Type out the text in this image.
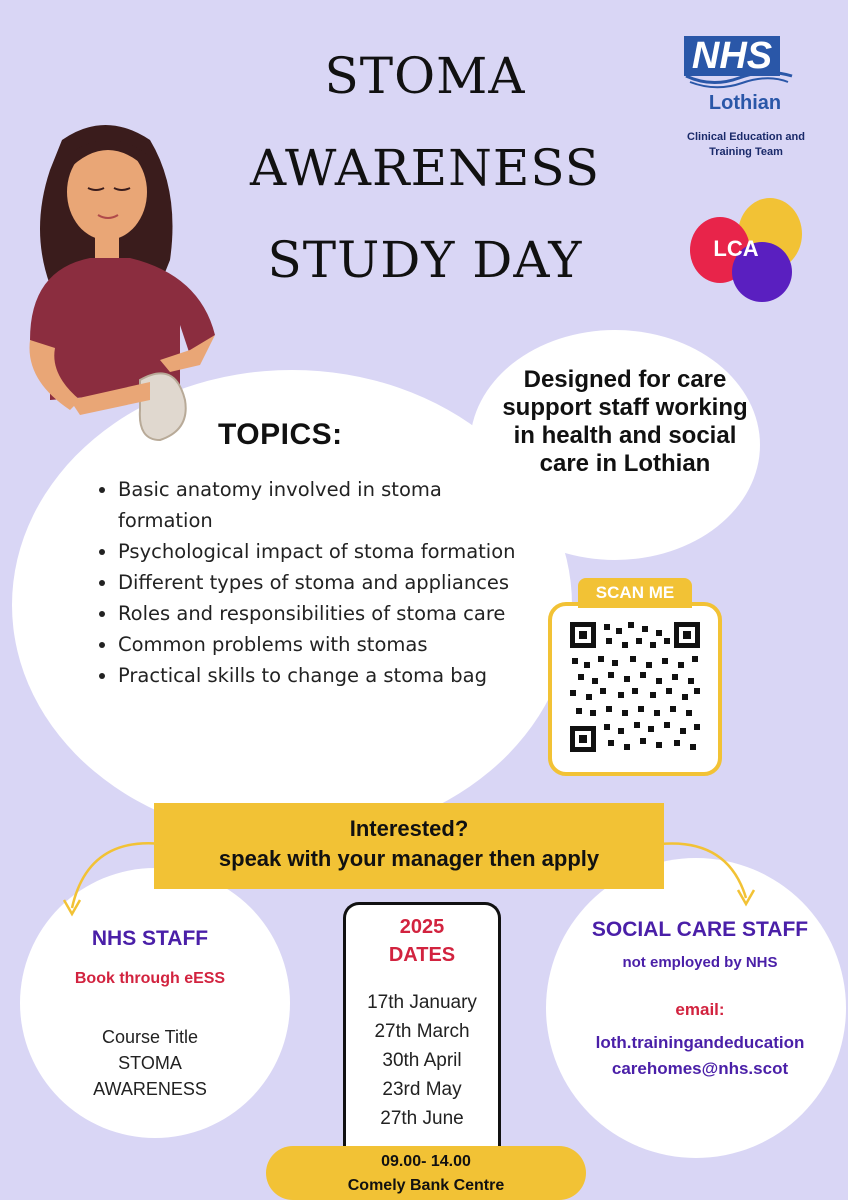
STOMA
AWARENESS
STUDY DAY
NHS
Lothian
Clinical Education and Training Team
LCA
Designed for care support staff working in health and social care in Lothian
TOPICS:
• Basic anatomy involved in stoma formation
• Psychological impact of stoma formation
• Different types of stoma and appliances
• Roles and responsibilities of stoma care
• Common problems with stomas
• Practical skills to change a stoma bag
SCAN ME
Interested?
speak with your manager then apply
NHS STAFF
Book through eESS
Course Title
STOMA
AWARENESS
2025
DATES
17th January
27th March
30th April
23rd May
27th June
09.00- 14.00
Comely Bank Centre
SOCIAL CARE STAFF
not employed by NHS
email:
loth.trainingandeducation
carehomes@nhs.scot
